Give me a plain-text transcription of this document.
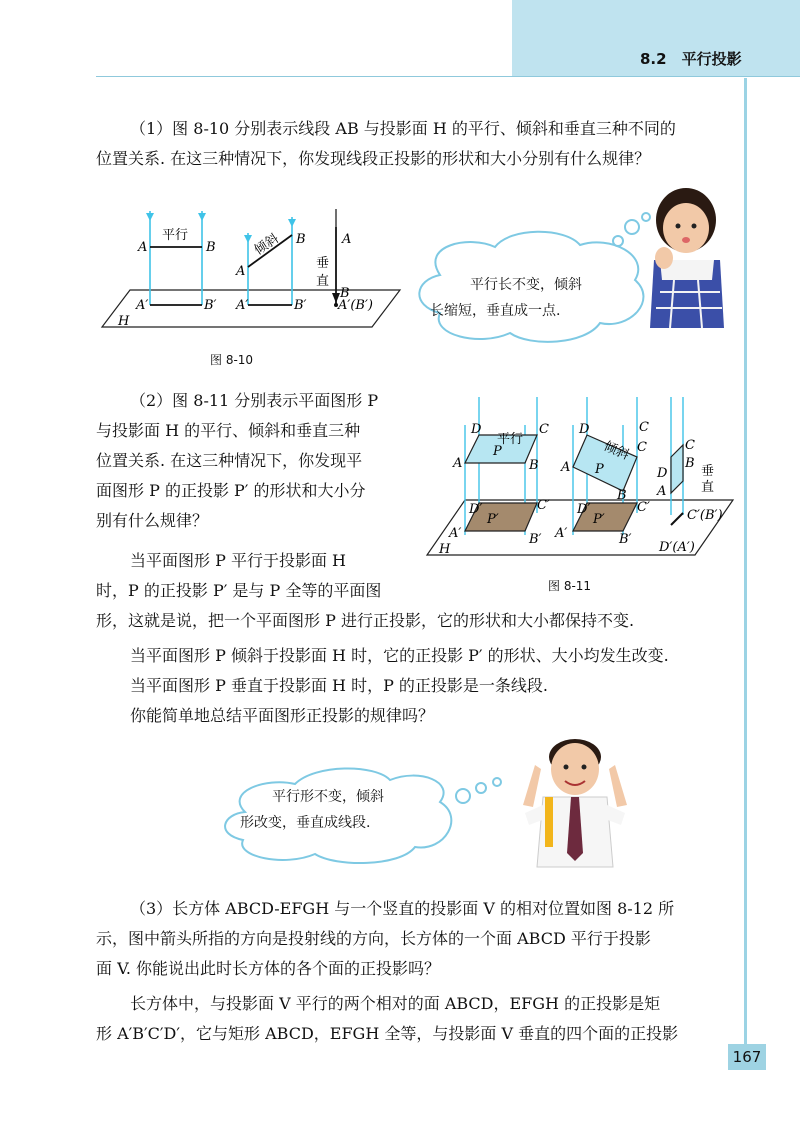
8.2　平行投影

（1）图 8-10 分别表示线段 AB 与投影面 H 的平行、倾斜和垂直三种不同的

位置关系. 在这三种情况下，你发现线段正投影的形状和大小分别有什么规律？

平行
A	B
A′	B′
倾斜
A
B
A′	B′
垂
直
A
B
A′(B′)
H
图 8-10
平行长不变，倾斜
长缩短，垂直成一点.

（2）图 8-11 分别表示平面图形 P

与投影面 H 的平行、倾斜和垂直三种

位置关系. 在这三种情况下，你发现平

面图形 P 的正投影 P′ 的形状和大小分

别有什么规律？

当平面图形 P 平行于投影面 H

时，P 的正投影 P′ 是与 P 全等的平面图

形，这就是说，把一个平面图形 P 进行正投影，它的形状和大小都保持不变.

当平面图形 P 倾斜于投影面 H 时，它的正投影 P′ 的形状、大小均发生改变.

当平面图形 P 垂直于投影面 H 时，P 的正投影是一条线段.

你能简单地总结平面图形正投影的规律吗？

D	C
A	B
P
D′	C′
P′
A′	B′
D
C
A
B
P
D′	C′
P′
A′	B′
C
C
D
B
A
C′(B′)
D′(A′)
H
平行	倾斜
垂
直
图 8-11
平行形不变，倾斜
形改变，垂直成线段.

（3）长方体 ABCD-EFGH 与一个竖直的投影面 V 的相对位置如图 8-12 所

示，图中箭头所指的方向是投射线的方向，长方体的一个面 ABCD 平行于投影

面 V. 你能说出此时长方体的各个面的正投影吗？

长方体中，与投影面 V 平行的两个相对的面 ABCD，EFGH 的正投影是矩

形 A′B′C′D′，它与矩形 ABCD，EFGH 全等，与投影面 V 垂直的四个面的正投影

167
